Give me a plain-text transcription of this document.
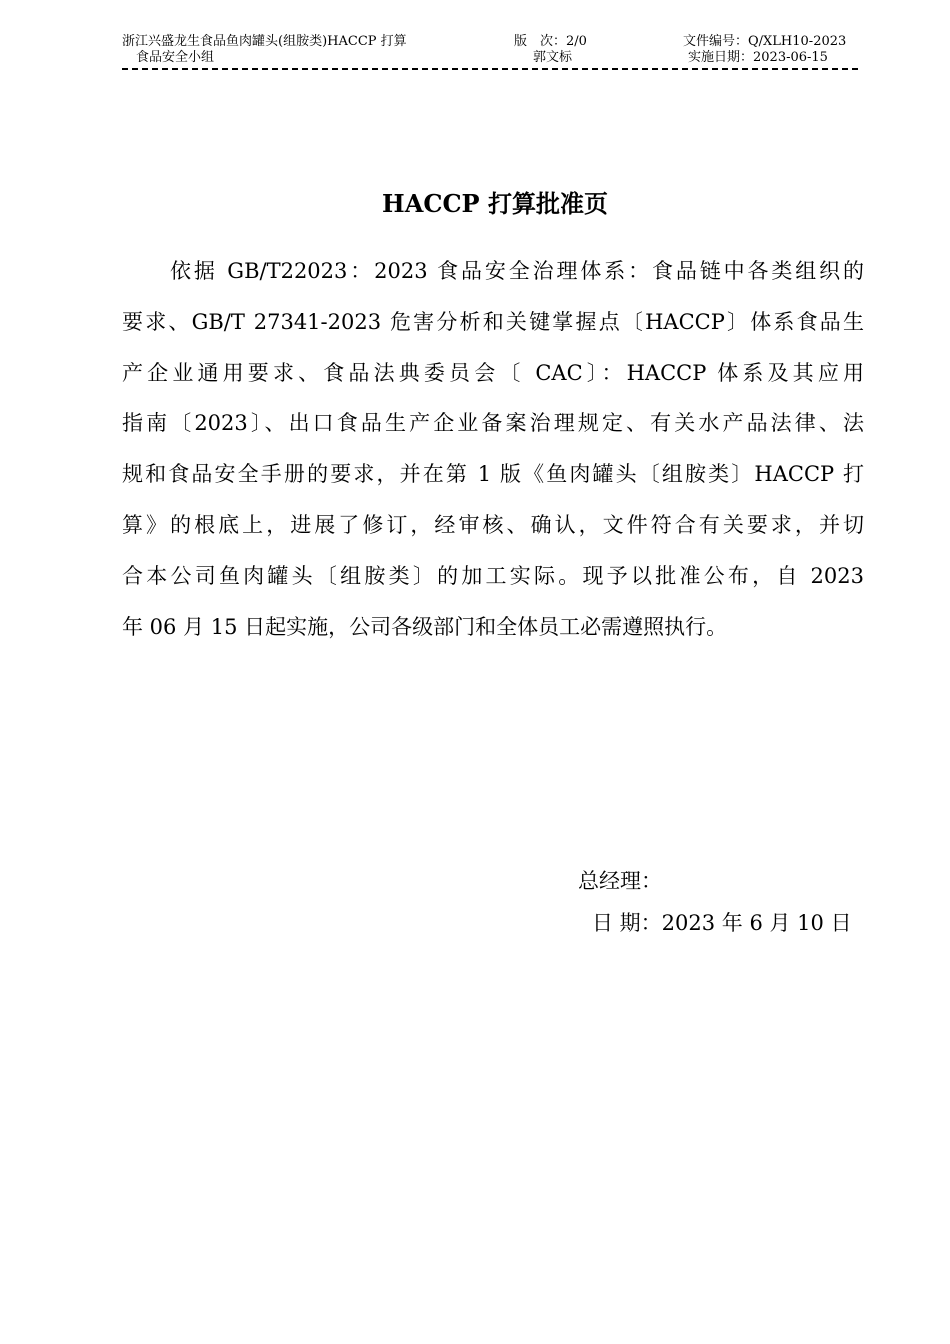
浙江兴盛龙生食品鱼肉罐头(组胺类)HACCP 打算
食品安全小组
版　次：2/0
郭文标
文件编号：Q/XLH10-2023
实施日期：2023-06-15
HACCP 打算批准页
依据 GB/T22023：2023 食品安全治理体系：食品链中各类组织的
要求、GB/T 27341-2023 危害分析和关键掌握点〔HACCP〕体系食品生
产企业通用要求、食品法典委员会〔 CAC〕：HACCP 体系及其应用
指南〔2023〕、出口食品生产企业备案治理规定、有关水产品法律、法
规和食品安全手册的要求，并在第 1 版《鱼肉罐头〔组胺类〕HACCP 打
算》的根底上，进展了修订，经审核、确认，文件符合有关要求，并切
合本公司鱼肉罐头〔组胺类〕的加工实际。现予以批准公布，自 2023
年 06 月 15 日起实施，公司各级部门和全体员工必需遵照执行。
总经理：
日 期：2023 年 6 月 10 日
